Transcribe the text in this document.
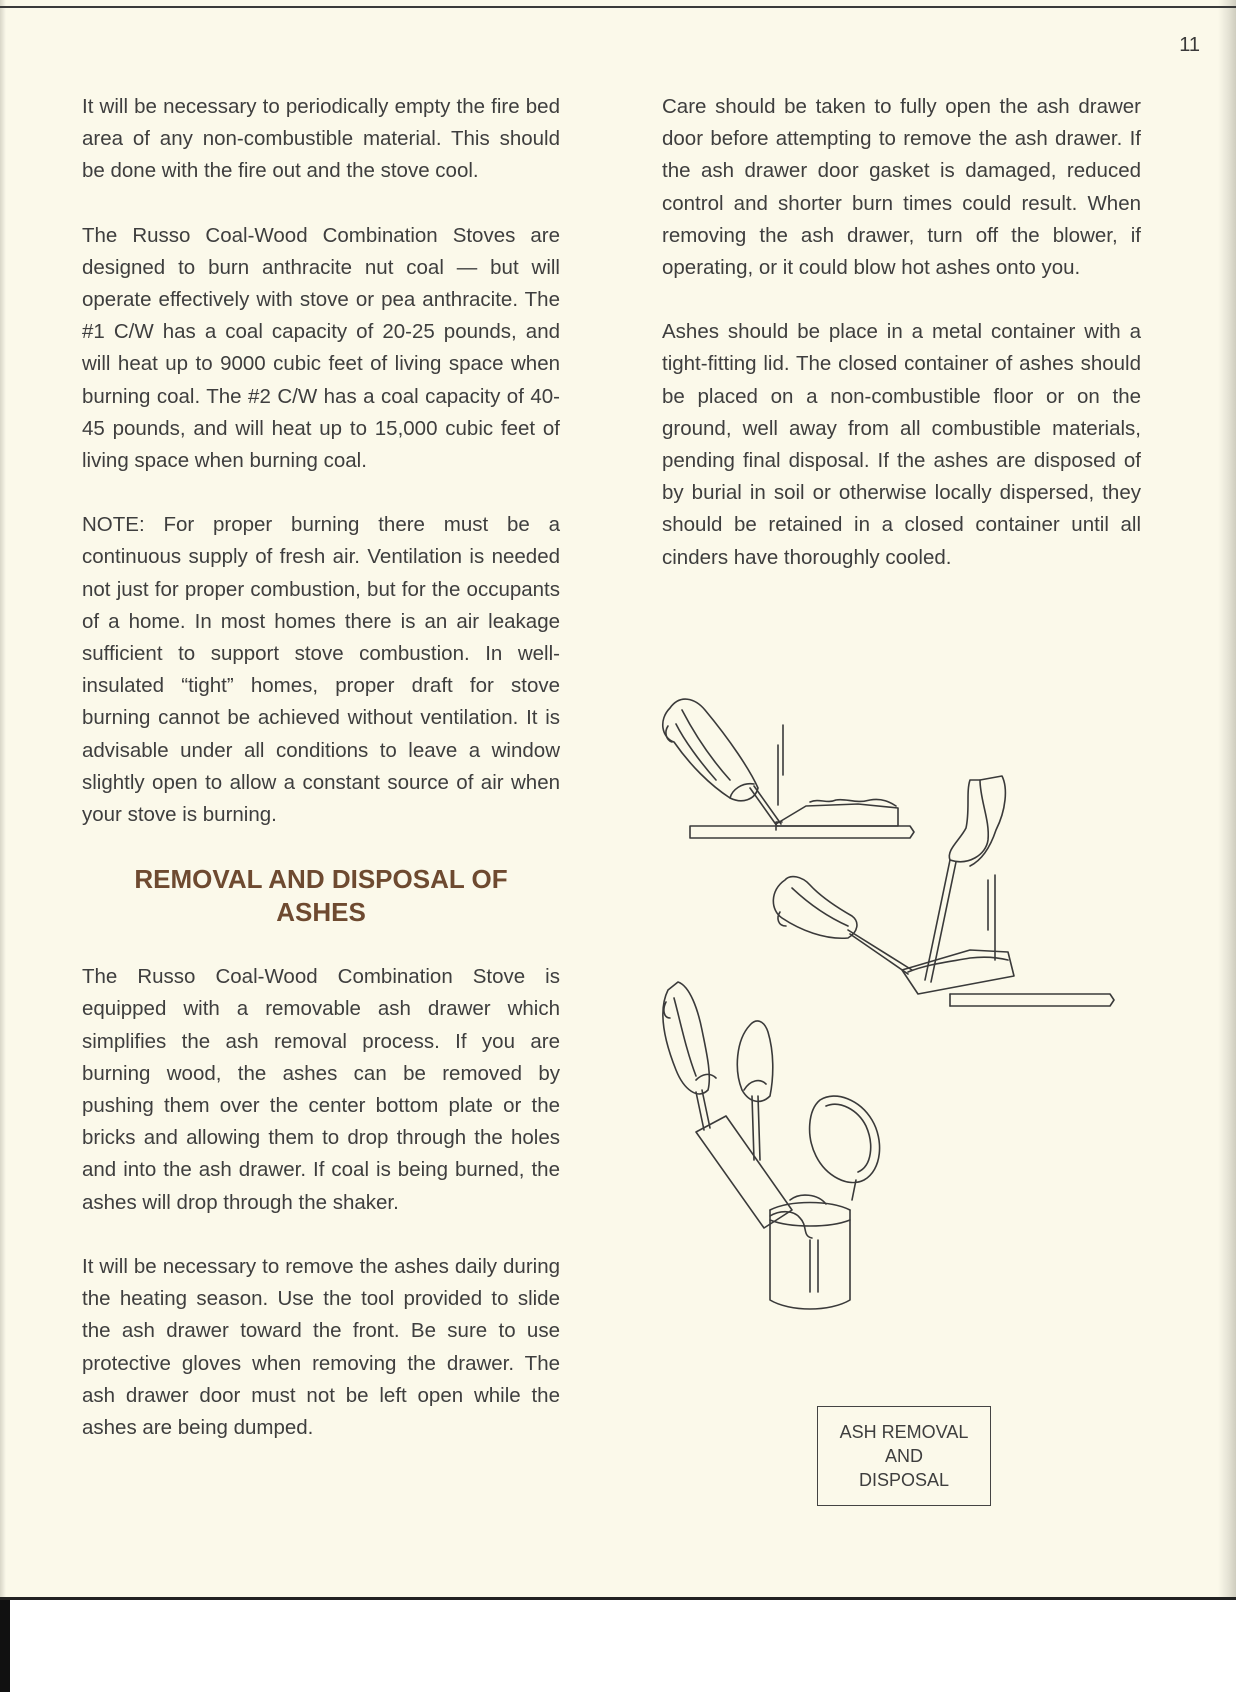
11

It will be necessary to periodically empty the fire bed area of any non-combustible material. This should be done with the fire out and the stove cool.

The Russo Coal-Wood Combination Stoves are designed to burn anthracite nut coal — but will operate effectively with stove or pea anthracite. The #1 C/W has a coal capacity of 20-25 pounds, and will heat up to 9000 cubic feet of living space when burning coal. The #2 C/W has a coal capacity of 40-45 pounds, and will heat up to 15,000 cubic feet of living space when burning coal.

NOTE: For proper burning there must be a continuous supply of fresh air. Ventilation is needed not just for proper combustion, but for the occupants of a home. In most homes there is an air leakage sufficient to support stove combustion. In well-insulated “tight” homes, proper draft for stove burning cannot be achieved without ventilation. It is advisable under all conditions to leave a window slightly open to allow a constant source of air when your stove is burning.

REMOVAL AND DISPOSAL OF
ASHES

The Russo Coal-Wood Combination Stove is equipped with a removable ash drawer which simplifies the ash removal process. If you are burning wood, the ashes can be removed by pushing them over the center bottom plate or the bricks and allowing them to drop through the holes and into the ash drawer. If coal is being burned, the ashes will drop through the shaker.

It will be necessary to remove the ashes daily during the heating season. Use the tool provided to slide the ash drawer toward the front. Be sure to use protective gloves when removing the drawer. The ash drawer door must not be left open while the ashes are being dumped.

Care should be taken to fully open the ash drawer door before attempting to remove the ash drawer. If the ash drawer door gasket is damaged, reduced control and shorter burn times could result. When removing the ash drawer, turn off the blower, if operating, or it could blow hot ashes onto you.

Ashes should be place in a metal container with a tight-fitting lid. The closed container of ashes should be placed on a non-combustible floor or on the ground, well away from all combustible materials, pending final disposal. If the ashes are disposed of by burial in soil or otherwise locally dispersed, they should be retained in a closed container until all cinders have thoroughly cooled.

ASH REMOVAL
AND
DISPOSAL
